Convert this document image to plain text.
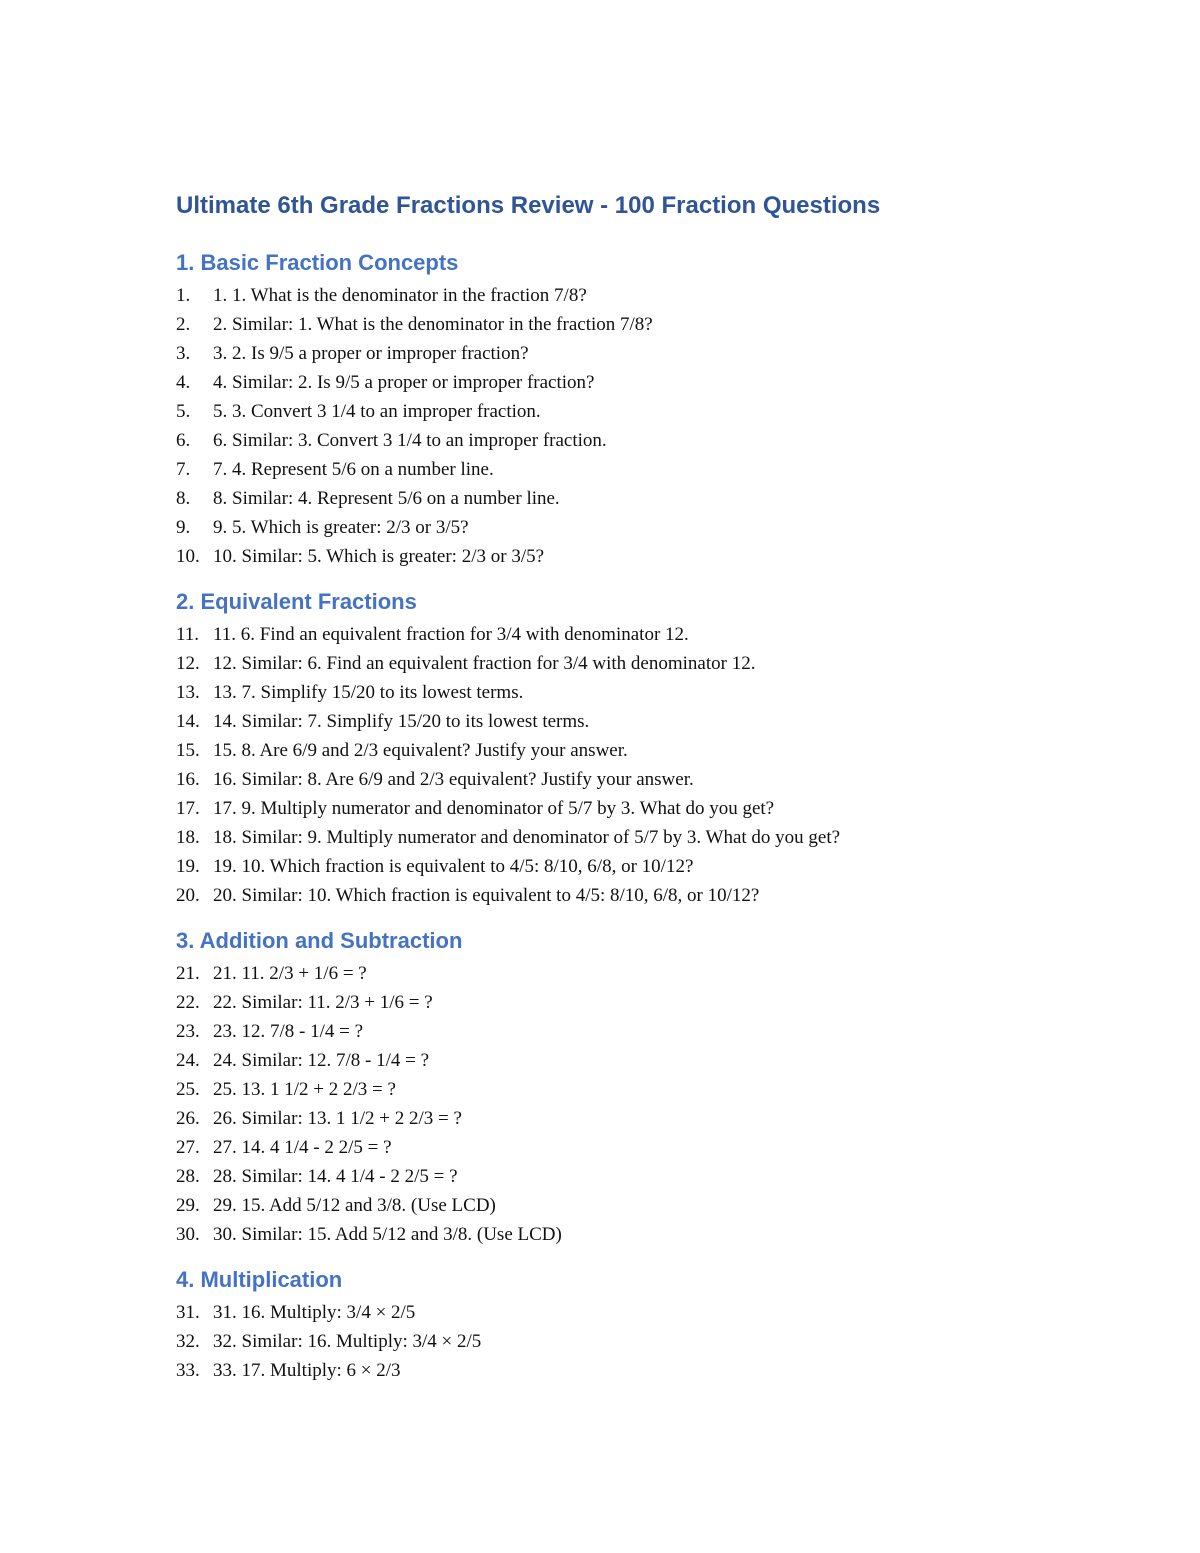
Ultimate 6th Grade Fractions Review - 100 Fraction Questions
1. Basic Fraction Concepts
1.	1. 1. What is the denominator in the fraction 7/8?
2.	2. Similar: 1. What is the denominator in the fraction 7/8?
3.	3. 2. Is 9/5 a proper or improper fraction?
4.	4. Similar: 2. Is 9/5 a proper or improper fraction?
5.	5. 3. Convert 3 1/4 to an improper fraction.
6.	6. Similar: 3. Convert 3 1/4 to an improper fraction.
7.	7. 4. Represent 5/6 on a number line.
8.	8. Similar: 4. Represent 5/6 on a number line.
9.	9. 5. Which is greater: 2/3 or 3/5?
10. 10. Similar: 5. Which is greater: 2/3 or 3/5?
2. Equivalent Fractions
11. 11. 6. Find an equivalent fraction for 3/4 with denominator 12.
12. 12. Similar: 6. Find an equivalent fraction for 3/4 with denominator 12.
13. 13. 7. Simplify 15/20 to its lowest terms.
14. 14. Similar: 7. Simplify 15/20 to its lowest terms.
15. 15. 8. Are 6/9 and 2/3 equivalent? Justify your answer.
16. 16. Similar: 8. Are 6/9 and 2/3 equivalent? Justify your answer.
17. 17. 9. Multiply numerator and denominator of 5/7 by 3. What do you get?
18. 18. Similar: 9. Multiply numerator and denominator of 5/7 by 3. What do you get?
19. 19. 10. Which fraction is equivalent to 4/5: 8/10, 6/8, or 10/12?
20. 20. Similar: 10. Which fraction is equivalent to 4/5: 8/10, 6/8, or 10/12?
3. Addition and Subtraction
21. 21. 11. 2/3 + 1/6 = ?
22. 22. Similar: 11. 2/3 + 1/6 = ?
23. 23. 12. 7/8 - 1/4 = ?
24. 24. Similar: 12. 7/8 - 1/4 = ?
25. 25. 13. 1 1/2 + 2 2/3 = ?
26. 26. Similar: 13. 1 1/2 + 2 2/3 = ?
27. 27. 14. 4 1/4 - 2 2/5 = ?
28. 28. Similar: 14. 4 1/4 - 2 2/5 = ?
29. 29. 15. Add 5/12 and 3/8. (Use LCD)
30. 30. Similar: 15. Add 5/12 and 3/8. (Use LCD)
4. Multiplication
31. 31. 16. Multiply: 3/4 × 2/5
32. 32. Similar: 16. Multiply: 3/4 × 2/5
33. 33. 17. Multiply: 6 × 2/3
